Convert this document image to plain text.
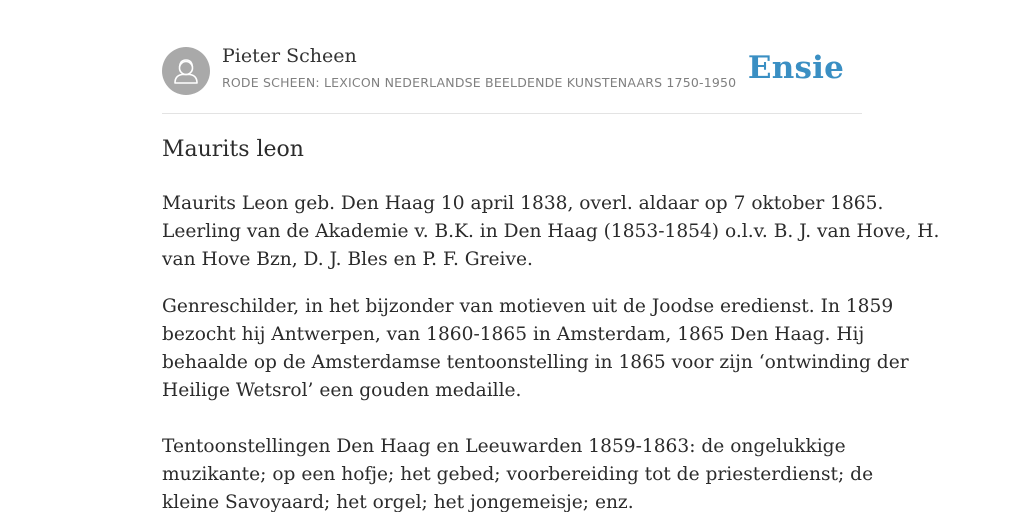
Pieter Scheen
RODE SCHEEN: LEXICON NEDERLANDSE BEELDENDE KUNSTENAARS 1750-1950 Ensie
Maurits leon

Maurits Leon geb. Den Haag 10 april 1838, overl. aldaar op 7 oktober 1865.

Leerling van de Akademie v. B.K. in Den Haag (1853-1854) o.l.v. B. J. van Hove, H.

van Hove Bzn, D. J. Bles en P. F. Greive.

Genreschilder, in het bijzonder van motieven uit de Joodse eredienst. In 1859

bezocht hij Antwerpen, van 1860-1865 in Amsterdam, 1865 Den Haag. Hij

behaalde op de Amsterdamse tentoonstelling in 1865 voor zijn ‘ontwinding der

Heilige Wetsrol’ een gouden medaille.

Tentoonstellingen Den Haag en Leeuwarden 1859-1863: de ongelukkige

muzikante; op een hofje; het gebed; voorbereiding tot de priesterdienst; de

kleine Savoyaard; het orgel; het jongemeisje; enz.
